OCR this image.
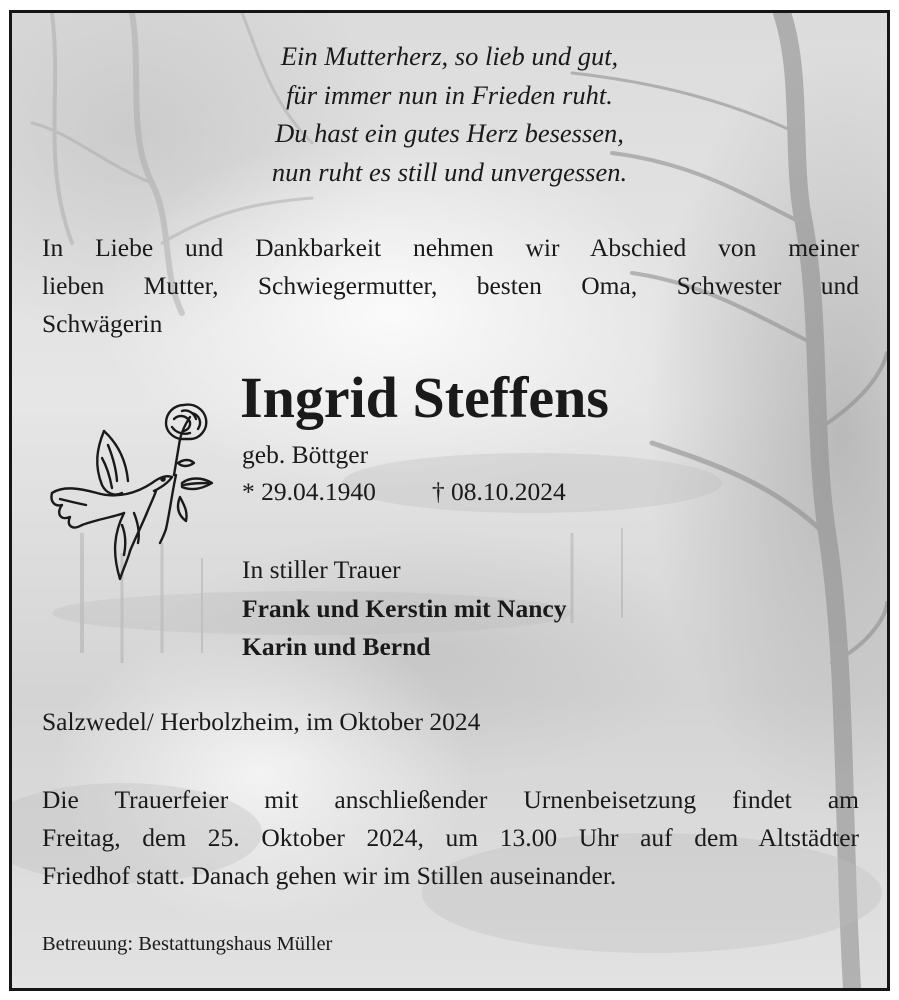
Ein Mutterherz, so lieb und gut,
für immer nun in Frieden ruht.
Du hast ein gutes Herz besessen,
nun ruht es still und unvergessen.
In Liebe und Dankbarkeit nehmen wir Abschied von meiner
lieben Mutter, Schwiegermutter, besten Oma, Schwester und
Schwägerin
Ingrid Steffens
geb. Böttger
* 29.04.1940 † 08.10.2024
In stiller Trauer
Frank und Kerstin mit Nancy
Karin und Bernd
Salzwedel/ Herbolzheim, im Oktober 2024
Die Trauerfeier mit anschließender Urnenbeisetzung findet am
Freitag, dem 25. Oktober 2024, um 13.00 Uhr auf dem Altstädter
Friedhof statt. Danach gehen wir im Stillen auseinander.
Betreuung: Bestattungshaus Müller
